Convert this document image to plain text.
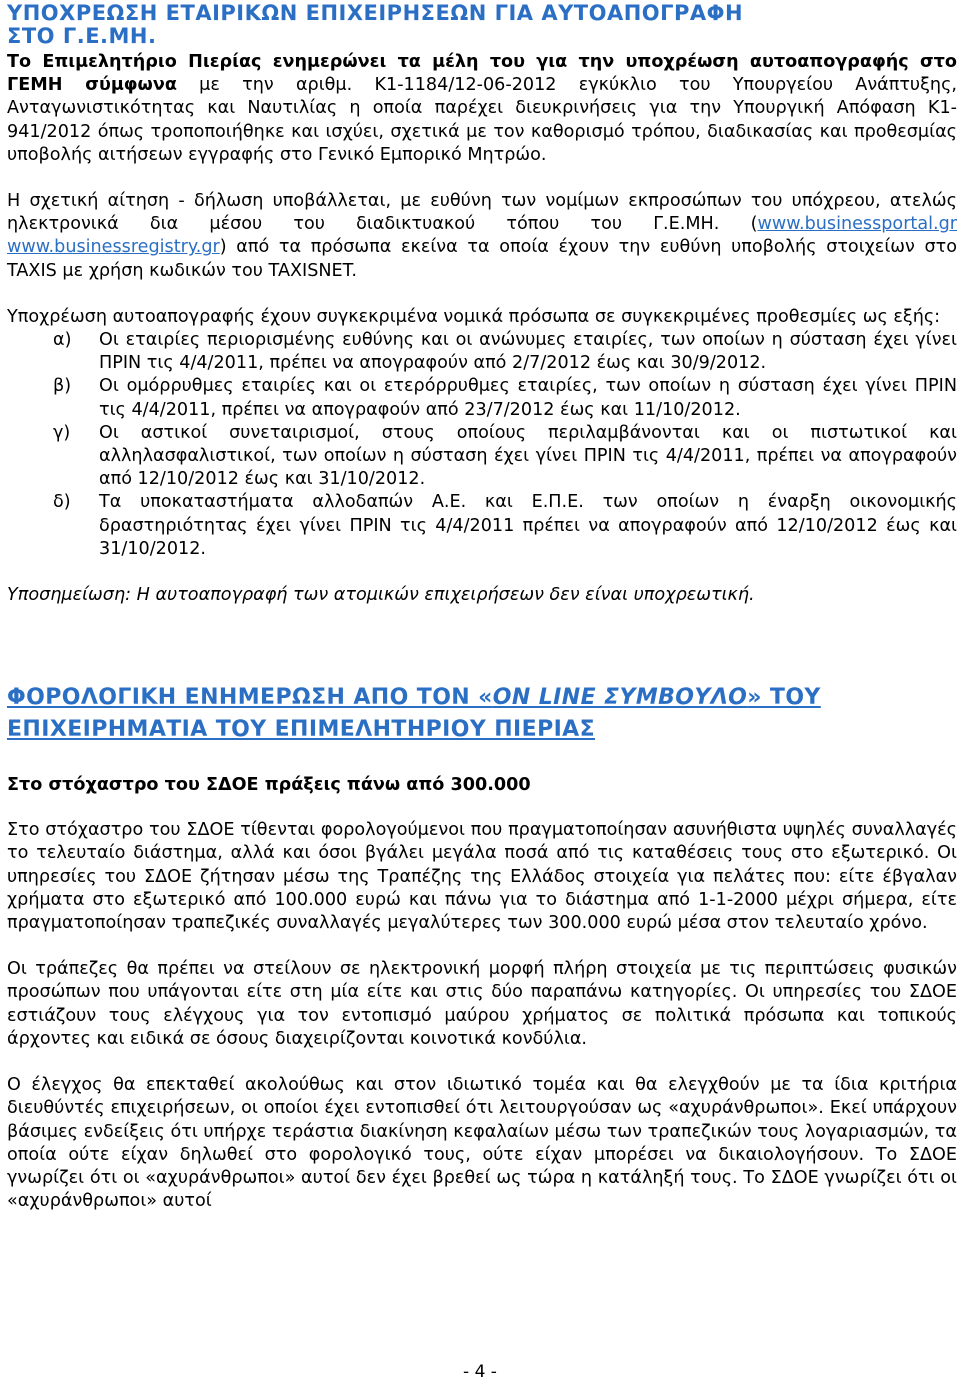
ΥΠΟΧΡΕΩΣΗ ΕΤΑΙΡΙΚΩΝ ΕΠΙΧΕΙΡΗΣΕΩΝ ΓΙΑ ΑΥΤΟΑΠΟΓΡΑΦΗ
ΣΤΟ Γ.Ε.ΜΗ.

Το Επιμελητήριο Πιερίας ενημερώνει τα μέλη του για την υποχρέωση αυτοαπογραφής στο ΓΕΜΗ σύμφωνα με την αριθμ. Κ1-1184/12-06-2012 εγκύκλιο του Υπουργείου Ανάπτυξης, Ανταγωνιστικότητας και Ναυτιλίας η οποία παρέχει διευκρινήσεις για την Υπουργική Απόφαση Κ1-941/2012 όπως τροποποιήθηκε και ισχύει, σχετικά με τον καθορισμό τρόπου, διαδικασίας και προθεσμίας υποβολής αιτήσεων εγγραφής στο Γενικό Εμπορικό Μητρώο.

Η σχετική αίτηση - δήλωση υποβάλλεται, με ευθύνη των νομίμων εκπροσώπων του υπόχρεου, ατελώς ηλεκτρονικά δια μέσου του διαδικτυακού τόπου του Γ.Ε.ΜΗ. (www.businessportal.gr www.businessregistry.gr) από τα πρόσωπα εκείνα τα οποία έχουν την ευθύνη υποβολής στοιχείων στο TAXIS με χρήση κωδικών του TAXISNET.

Υποχρέωση αυτοαπογραφής έχουν συγκεκριμένα νομικά πρόσωπα σε συγκεκριμένες προθεσμίες ως εξής:

α)	Οι εταιρίες περιορισμένης ευθύνης και οι ανώνυμες εταιρίες, των οποίων η σύσταση έχει γίνει ΠΡΙΝ τις 4/4/2011, πρέπει να απογραφούν από 2/7/2012 έως και 30/9/2012.

β)	Οι ομόρρυθμες εταιρίες και οι ετερόρρυθμες εταιρίες, των οποίων η σύσταση έχει γίνει ΠΡΙΝ τις 4/4/2011, πρέπει να απογραφούν από 23/7/2012 έως και 11/10/2012.

γ)	Οι αστικοί συνεταιρισμοί, στους οποίους περιλαμβάνονται και οι πιστωτικοί και αλληλασφαλιστικοί, των οποίων η σύσταση έχει γίνει ΠΡΙΝ τις 4/4/2011, πρέπει να απογραφούν από 12/10/2012 έως και 31/10/2012.

δ)	Τα υποκαταστήματα αλλοδαπών Α.Ε. και Ε.Π.Ε. των οποίων η έναρξη οικονομικής δραστηριότητας έχει γίνει ΠΡΙΝ τις 4/4/2011 πρέπει να απογραφούν από 12/10/2012 έως και 31/10/2012.

Υποσημείωση: Η αυτοαπογραφή των ατομικών επιχειρήσεων δεν είναι υποχρεωτική.

ΦΟΡΟΛΟΓΙΚΗ ΕΝΗΜΕΡΩΣΗ ΑΠΟ ΤΟΝ «ON LINE ΣΥΜΒΟΥΛΟ» ΤΟΥ ΕΠΙΧΕΙΡΗΜΑΤΙΑ ΤΟΥ ΕΠΙΜΕΛΗΤΗΡΙΟΥ ΠΙΕΡΙΑΣ

Στο στόχαστρο του ΣΔΟΕ πράξεις πάνω από 300.000

Στο στόχαστρο του ΣΔΟΕ τίθενται φορολογούμενοι που πραγματοποίησαν ασυνήθιστα υψηλές συναλλαγές το τελευταίο διάστημα, αλλά και όσοι βγάλει μεγάλα ποσά από τις καταθέσεις τους στο εξωτερικό. Οι υπηρεσίες του ΣΔΟΕ ζήτησαν μέσω της Τραπέζης της Ελλάδος στοιχεία για πελάτες που: είτε έβγαλαν χρήματα στο εξωτερικό από 100.000 ευρώ και πάνω για το διάστημα από 1-1-2000 μέχρι σήμερα, είτε πραγματοποίησαν τραπεζικές συναλλαγές μεγαλύτερες των 300.000 ευρώ μέσα στον τελευταίο χρόνο.

Οι τράπεζες θα πρέπει να στείλουν σε ηλεκτρονική μορφή πλήρη στοιχεία με τις περιπτώσεις φυσικών προσώπων που υπάγονται είτε στη μία είτε και στις δύο παραπάνω κατηγορίες. Οι υπηρεσίες του ΣΔΟΕ εστιάζουν τους ελέγχους για τον εντοπισμό μαύρου χρήματος σε πολιτικά πρόσωπα και τοπικούς άρχοντες και ειδικά σε όσους διαχειρίζονται κοινοτικά κονδύλια.

Ο έλεγχος θα επεκταθεί ακολούθως και στον ιδιωτικό τομέα και θα ελεγχθούν με τα ίδια κριτήρια διευθύντές επιχειρήσεων, οι οποίοι έχει εντοπισθεί ότι λειτουργούσαν ως «αχυράνθρωποι». Εκεί υπάρχουν βάσιμες ενδείξεις ότι υπήρχε τεράστια διακίνηση κεφαλαίων μέσω των τραπεζικών τους λογαριασμών, τα οποία ούτε είχαν δηλωθεί στο φορολογικό τους, ούτε είχαν μπορέσει να δικαιολογήσουν. Το ΣΔΟΕ γνωρίζει ότι οι «αχυράνθρωποι» αυτοί δεν έχει βρεθεί ως τώρα η κατάληξή τους. Το ΣΔΟΕ γνωρίζει ότι οι «αχυράνθρωποι» αυτοί

- 4 -
